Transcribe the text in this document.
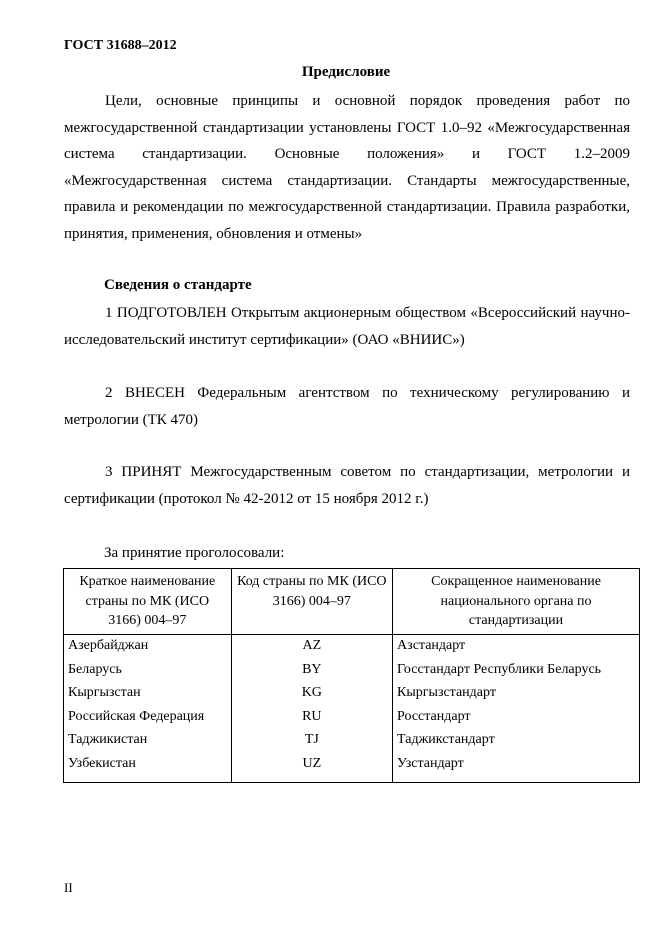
ГОСТ 31688–2012
Предисловие
Цели, основные принципы и основной порядок проведения работ по межгосударственной стандартизации установлены ГОСТ 1.0–92 «Межгосударственная система стандартизации. Основные положения» и ГОСТ 1.2–2009 «Межгосударственная система стандартизации. Стандарты межгосударственные, правила и рекомендации по межгосударственной стандартизации. Правила разработки, принятия, применения, обновления и отмены»
Сведения о стандарте
1 ПОДГОТОВЛЕН Открытым акционерным обществом «Всероссийский научно-исследовательский институт сертификации» (ОАО «ВНИИС»)
2 ВНЕСЕН Федеральным агентством по техническому регулированию и метрологии (ТК 470)
3 ПРИНЯТ Межгосударственным советом по стандартизации, метрологии и сертификации (протокол № 42-2012 от 15 ноября 2012 г.)
За принятие проголосовали:
Краткое наименование страны по МК (ИСО 3166) 004–97	Код страны по МК (ИСО 3166) 004–97	Сокращенное наименование национального органа по стандартизации
Азербайджан	AZ	Азстандарт
Беларусь	BY	Госстандарт Республики Беларусь
Кыргызстан	KG	Кыргызстандарт
Российская Федерация	RU	Росстандарт
Таджикистан	TJ	Таджикстандарт
Узбекистан	UZ	Узстандарт
II
